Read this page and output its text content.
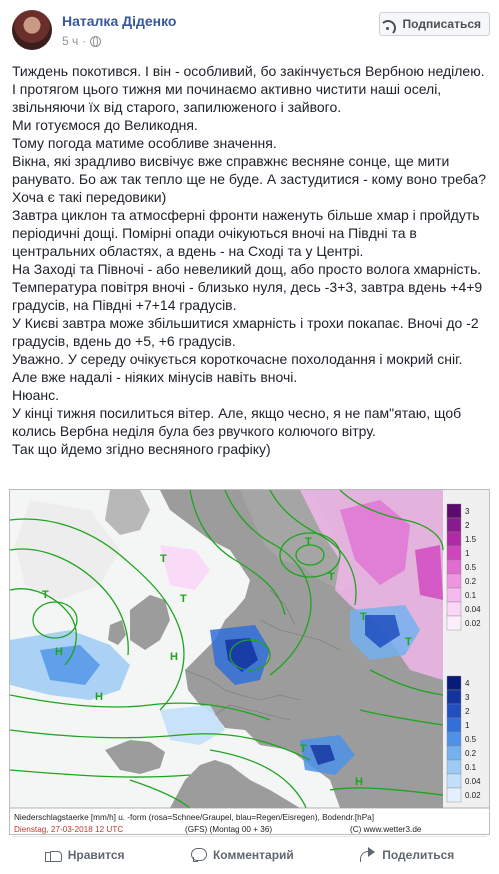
Наталка Діденко
5 ч ·
Подписаться

Тиждень покотився. І він - особливий, бо закінчується Вербною неділею.

І протягом цього тижня ми починаємо активно чистити наші оселі,

звільняючи їх від старого, запилюженого і зайвого.

Ми готуємося до Великодня.

Тому погода матиме особливе значення.

Вікна, які зрадливо висвічує вже справжнє весняне сонце, ще мити

ранувато. Бо аж так тепло ще не буде. А застудитися - кому воно треба?

Хоча є такі передовики)

Завтра циклон та атмосферні фронти наженуть більше хмар і пройдуть

періодичні дощі. Помірні опади очікуються вночі на Півдні та в

центральних областях, а вдень - на Сході та у Центрі.

На Заході та Півночі - або невеликий дощ, або просто волога хмарність.

Температура повітря вночі - близько нуля, десь -3+3, завтра вдень +4+9

градусів, на Півдні +7+14 градусів.

У Києві завтра може збільшитися хмарність і трохи покапає. Вночі до -2

градусів, вдень до +5, +6 градусів.

Уважно. У середу очікується короткочасне похолодання і мокрий сніг.

Але вже надалі - ніяких мінусів навіть вночі.

Нюанс.

У кінці тижня посилиться вітер. Але, якщо чесно, я не пам"ятаю, щоб

колись Вербна неділя була без рвучкого колючого вітру.

Так що йдемо згідно весняного графіку)

T
T
T
H
H
H
T
T
T
T
T
H
3
2
1.5
1
0.5
0.2
0.1
0.04
0.02
4
3
2
1
0.5
0.2
0.1
0.04
0.02
Niederschlagstaerke [mm/h] u. -form (rosa=Schnee/Graupel, blau=Regen/Eisregen), Bodendr.[hPa]
Dienstag, 27-03-2018 12 UTC	(GFS) (Montag 00 + 36)	(C) www.wetter3.de
Нравится	Комментарий	Поделиться
